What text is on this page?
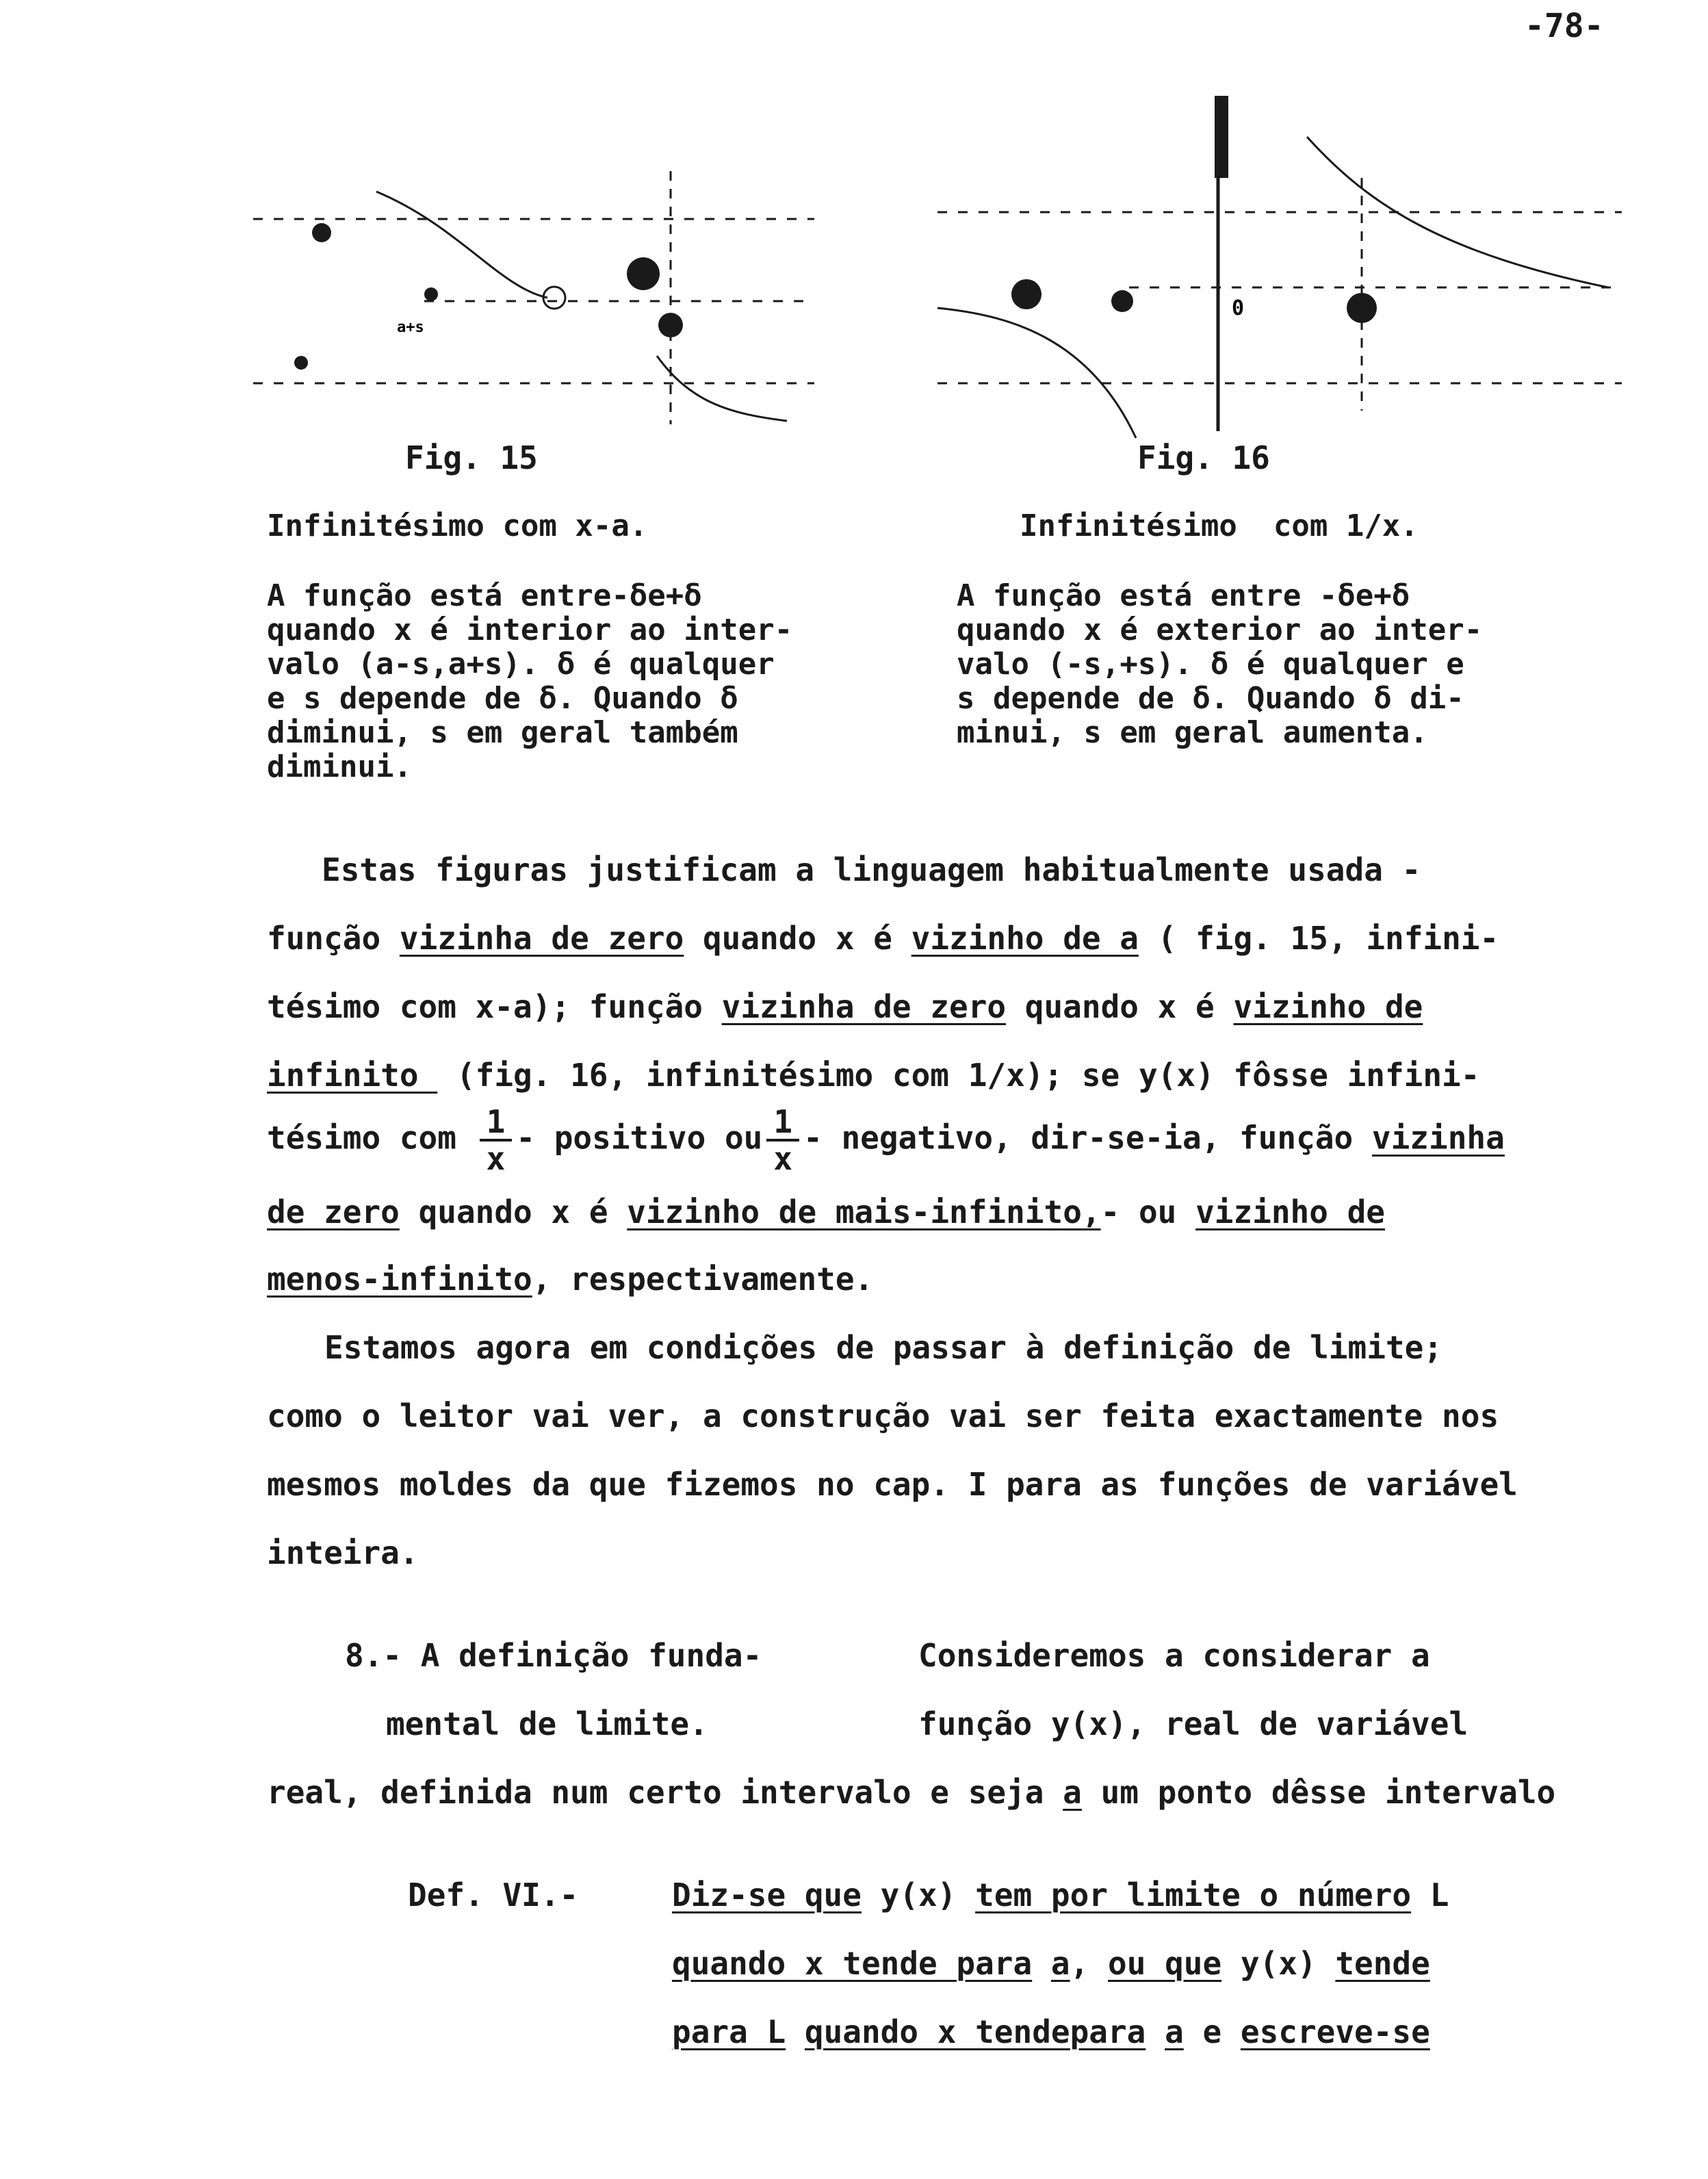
-78-
a+s
0
Fig. 15	Fig. 16
Infinitésimo com x-a.	Infinitésimo  com 1/x.
A função está entre-δe+δ
quando x é interior ao inter-
valo (a-s,a+s). δ é qualquer
e s depende de δ. Quando δ
diminui, s em geral também
diminui.
A função está entre -δe+δ
quando x é exterior ao inter-
valo (-s,+s). δ é qualquer e
s depende de δ. Quando δ di-
minui, s em geral aumenta.
Estas figuras justificam a linguagem habitualmente usada -
função vizinha de zero quando x é vizinho de a ( fig. 15, infini-
tésimo com x-a); função vizinha de zero quando x é vizinho de
infinito  (fig. 16, infinitésimo com 1/x); se y(x) fôsse infini-
tésimo com $\frac{1}{x}$ - positivo ou $\frac{1}{x}$ - negativo, dir-se-ia, função vizinha
de zero quando x é vizinho de mais-infinito,- ou vizinho de
menos-infinito, respectivamente.
Estamos agora em condições de passar à definição de limite;
como o leitor vai ver, a construção vai ser feita exactamente nos
mesmos moldes da que fizemos no cap. I para as funções de variável
inteira.
8.- A definição funda-
mental de limite.
Consideremos a considerar a
função y(x), real de variável
real, definida num certo intervalo e seja a um ponto dêsse intervalo
Def. VI.-	Diz-se que y(x) tem por limite o número L
quando x tende para a, ou que y(x) tende
para L quando x tendepara a e escreve-se
